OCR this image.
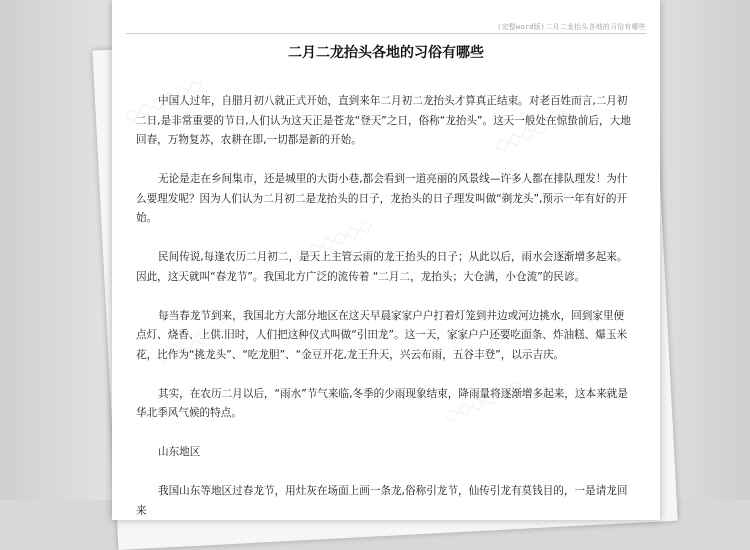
(完整word版)二月二龙抬头各地的习俗有哪些
二月二龙抬头各地的习俗有哪些

中国人过年，自腊月初八就正式开始，直到来年二月初二龙抬头才算真正结束。对老百姓而言,二月初二日,是非常重要的节日,人们认为这天正是苍龙“登天”之日，俗称“龙抬头”。这天一般处在惊蛰前后，大地回春，万物复苏，农耕在即,一切都是新的开始。

无论是走在乡间集市，还是城里的大街小巷,都会看到一道亮丽的风景线—许多人都在排队理发！为什么要理发呢？因为人们认为二月初二是龙抬头的日子，龙抬头的日子理发叫做“剃龙头”,预示一年有好的开始。

民间传说,每逢农历二月初二，是天上主管云雨的龙王抬头的日子；从此以后，雨水会逐渐增多起来。因此，这天就叫“春龙节”。我国北方广泛的流传着 “二月二，龙抬头；大仓满，小仓流”的民谚。

每当春龙节到来，我国北方大部分地区在这天早晨家家户户打着灯笼到井边或河边挑水，回到家里便点灯、烧香、上供.旧时，人们把这种仪式叫做“引田龙”。这一天，家家户户还要吃面条、炸油糕、爆玉米花，比作为“挑龙头”、“吃龙胆”、“金豆开花,龙王升天，兴云布雨，五谷丰登”，以示吉庆。

其实，在农历二月以后，“雨水”节气来临,冬季的少雨现象结束，降雨量将逐渐增多起来，这本来就是华北季风气候的特点。

山东地区

我国山东等地区过春龙节，用灶灰在场面上画一条龙,俗称引龙节，仙传引龙有莫钱目的，一是请龙回来

◇◇◇◇◇◇
◇◇◇◇◇◇
◇◇◇◇◇◇
◇◇◇◇◇◇
◇◇◇◇◇◇
